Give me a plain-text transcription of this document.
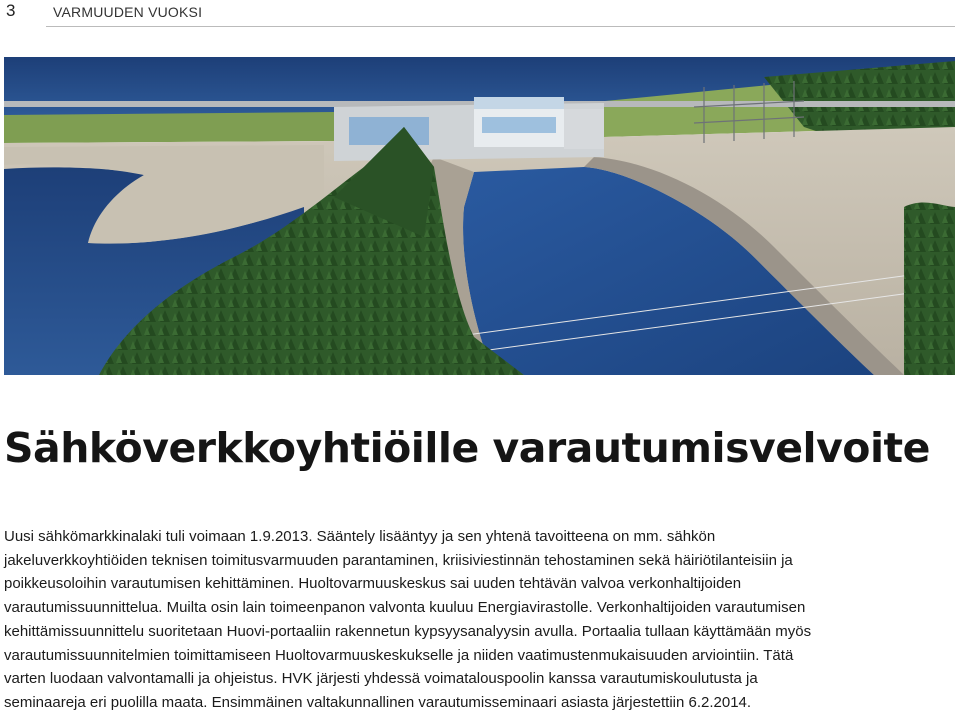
3	VARMUUDEN VUOKSI
Sähköverkkoyhtiöille varautumisvelvoite

Uusi sähkömarkkinalaki tuli voimaan 1.9.2013. Sääntely lisääntyy ja sen yhtenä tavoitteena on mm. sähkön
jakeluverkkoyhtiöiden teknisen toimitusvarmuuden parantaminen, kriisiviestinnän tehostaminen sekä häiriötilanteisiin ja
poikkeusoloihin varautumisen kehittäminen. Huoltovarmuuskeskus sai uuden tehtävän valvoa verkonhaltijoiden
varautumissuunnittelua. Muilta osin lain toimeenpanon valvonta kuuluu Energiavirastolle. Verkonhaltijoiden varautumisen
kehittämissuunnittelu suoritetaan Huovi-portaaliin rakennetun kypsyysanalyysin avulla. Portaalia tullaan käyttämään myös
varautumissuunnitelmien toimittamiseen Huoltovarmuuskeskukselle ja niiden vaatimustenmukaisuuden arviointiin. Tätä
varten luodaan valvontamalli ja ohjeistus. HVK järjesti yhdessä voimatalouspoolin kanssa varautumiskoulutusta ja
seminaareja eri puolilla maata. Ensimmäinen valtakunnallinen varautumisseminaari asiasta järjestettiin 6.2.2014.
